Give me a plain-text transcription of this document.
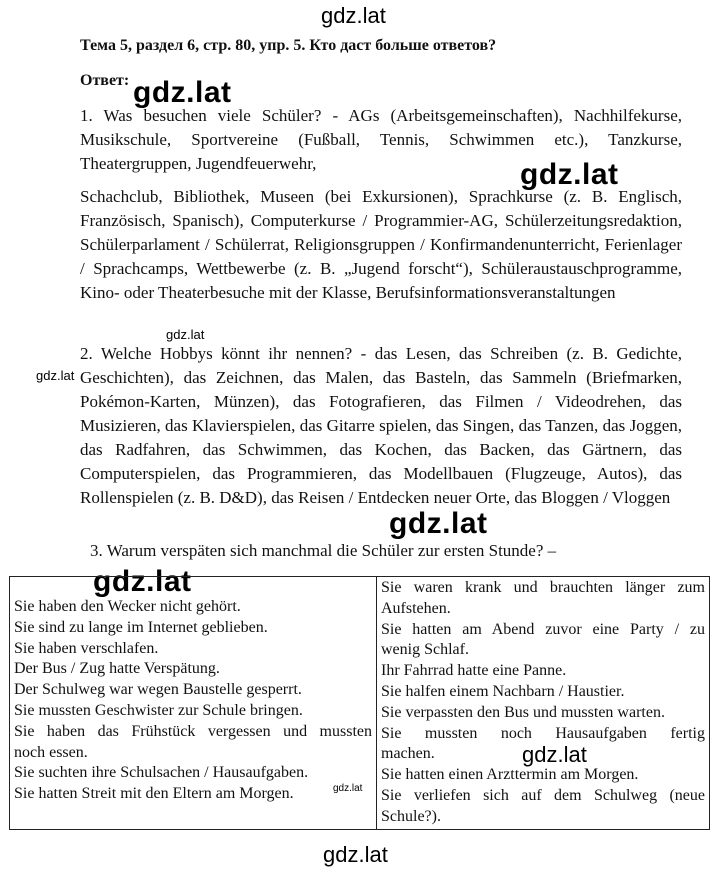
gdz.lat
gdz.lat
gdz.lat
gdz.lat
gdz.lat
gdz.lat
gdz.lat
gdz.lat
gdz.lat
gdz.lat
Тема 5, раздел 6, стр. 80, упр. 5. Кто даст больше ответов?
Ответ:
1. Was besuchen viele Schüler? - AGs (Arbeitsgemeinschaften), Nachhilfekurse, Musikschule, Sportvereine (Fußball, Tennis, Schwimmen etc.), Tanzkurse, Theatergruppen, Jugendfeuerwehr,
Schachclub, Bibliothek, Museen (bei Exkursionen), Sprachkurse (z. B. Englisch, Französisch, Spanisch), Computerkurse / Programmier-AG, Schülerzeitungsredaktion, Schülerparlament / Schülerrat, Religionsgruppen / Konfirmandenunterricht, Ferienlager / Sprachcamps, Wettbewerbe (z. B. „Jugend forscht“), Schüleraustauschprogramme, Kino- oder Theaterbesuche mit der Klasse, Berufsinformationsveranstaltungen
2. Welche Hobbys könnt ihr nennen? - das Lesen, das Schreiben (z. B. Gedichte, Geschichten), das Zeichnen, das Malen, das Basteln, das Sammeln (Briefmarken, Pokémon-Karten, Münzen), das Fotografieren, das Filmen / Videodrehen, das Musizieren, das Klavierspielen, das Gitarre spielen, das Singen, das Tanzen, das Joggen, das Radfahren, das Schwimmen, das Kochen, das Backen, das Gärtnern, das Computerspielen, das Programmieren, das Modellbauen (Flugzeuge, Autos), das Rollenspielen (z. B. D&D), das Reisen / Entdecken neuer Orte, das Bloggen / Vloggen
3. Warum verspäten sich manchmal die Schüler zur ersten Stunde? –
Sie haben den Wecker nicht gehört.
Sie sind zu lange im Internet geblieben.
Sie haben verschlafen.
Der Bus / Zug hatte Verspätung.
Der Schulweg war wegen Baustelle gesperrt.
Sie mussten Geschwister zur Schule bringen.
Sie haben das Frühstück vergessen und mussten
noch essen.
Sie suchten ihre Schulsachen / Hausaufgaben.
Sie hatten Streit mit den Eltern am Morgen.

Sie waren krank und brauchten länger zum
Aufstehen.
Sie hatten am Abend zuvor eine Party / zu
wenig Schlaf.
Ihr Fahrrad hatte eine Panne.
Sie halfen einem Nachbarn / Haustier.
Sie verpassten den Bus und mussten warten.
Sie mussten noch Hausaufgaben fertig
machen.
Sie hatten einen Arzttermin am Morgen.
Sie verliefen sich auf dem Schulweg (neue
Schule?).
